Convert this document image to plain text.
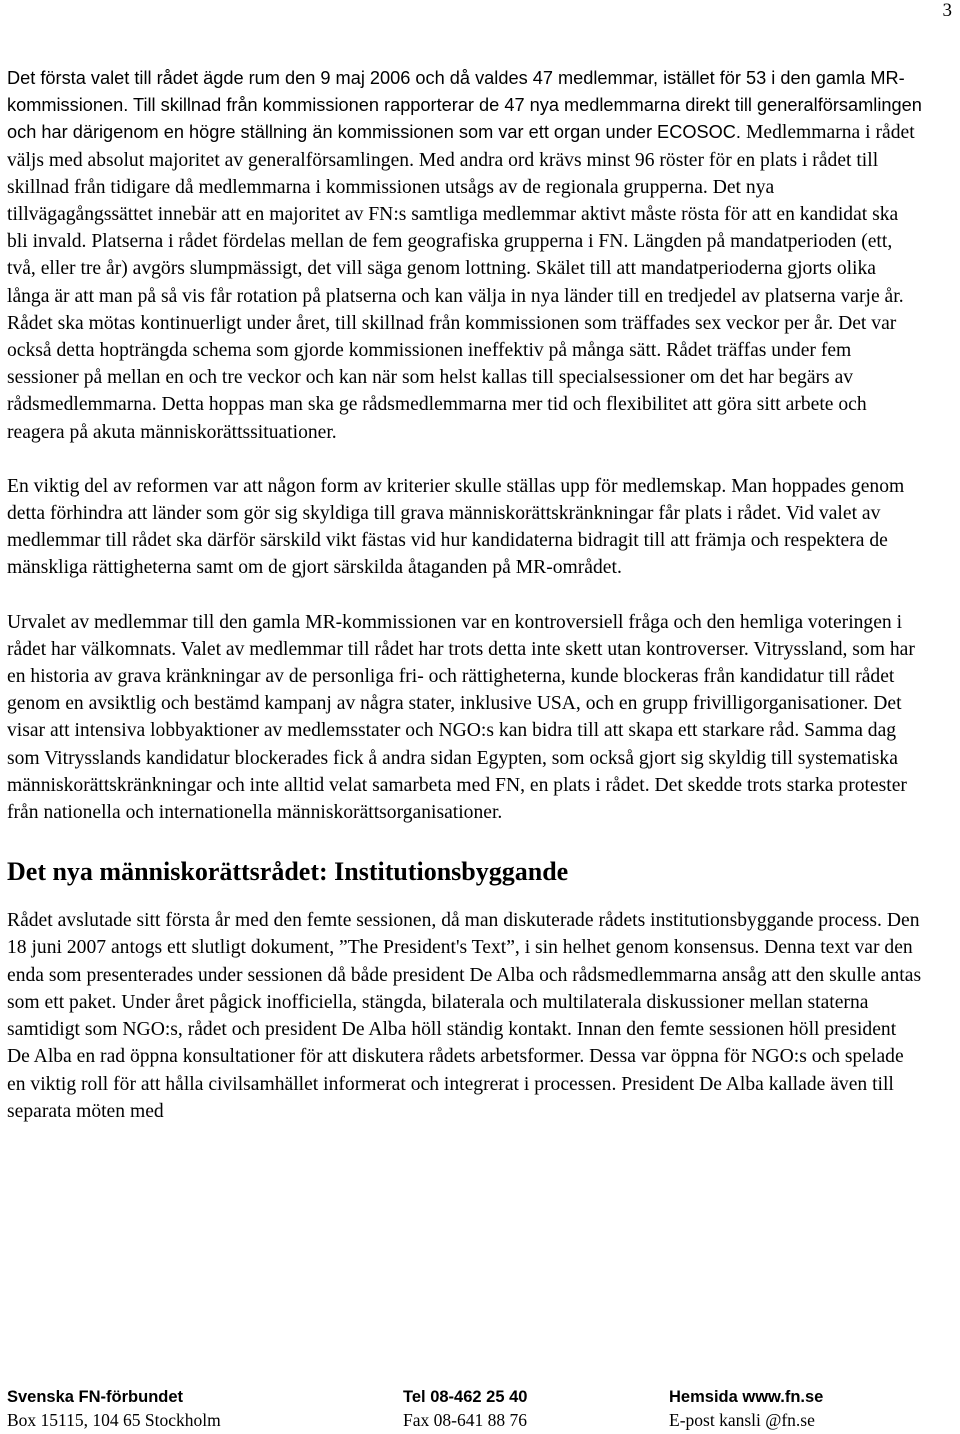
3

Det första valet till rådet ägde rum den 9 maj 2006 och då valdes 47 medlemmar, istället för 53 i den gamla MR-kommissionen. Till skillnad från kommissionen rapporterar de 47 nya medlemmarna direkt till generalförsamlingen och har därigenom en högre ställning än kommissionen som var ett organ under ECOSOC. Medlemmarna i rådet väljs med absolut majoritet av generalförsamlingen. Med andra ord krävs minst 96 röster för en plats i rådet till skillnad från tidigare då medlemmarna i kommissionen utsågs av de regionala grupperna. Det nya tillvägagångssättet innebär att en majoritet av FN:s samtliga medlemmar aktivt måste rösta för att en kandidat ska bli invald. Platserna i rådet fördelas mellan de fem geografiska grupperna i FN. Längden på mandatperioden (ett, två, eller tre år) avgörs slumpmässigt, det vill säga genom lottning. Skälet till att mandatperioderna gjorts olika långa är att man på så vis får rotation på platserna och kan välja in nya länder till en tredjedel av platserna varje år. Rådet ska mötas kontinuerligt under året, till skillnad från kommissionen som träffades sex veckor per år. Det var också detta hopträngda schema som gjorde kommissionen ineffektiv på många sätt. Rådet träffas under fem sessioner på mellan en och tre veckor och kan när som helst kallas till specialsessioner om det har begärs av rådsmedlemmarna. Detta hoppas man ska ge rådsmedlemmarna mer tid och flexibilitet att göra sitt arbete och reagera på akuta människorättssituationer.

En viktig del av reformen var att någon form av kriterier skulle ställas upp för medlemskap. Man hoppades genom detta förhindra att länder som gör sig skyldiga till grava människorättskränkningar får plats i rådet. Vid valet av medlemmar till rådet ska därför särskild vikt fästas vid hur kandidaterna bidragit till att främja och respektera de mänskliga rättigheterna samt om de gjort särskilda åtaganden på MR-området.

Urvalet av medlemmar till den gamla MR-kommissionen var en kontroversiell fråga och den hemliga voteringen i rådet har välkomnats. Valet av medlemmar till rådet har trots detta inte skett utan kontroverser. Vitryssland, som har en historia av grava kränkningar av de personliga fri- och rättigheterna, kunde blockeras från kandidatur till rådet genom en avsiktlig och bestämd kampanj av några stater, inklusive USA, och en grupp frivilligorganisationer. Det visar att intensiva lobbyaktioner av medlemsstater och NGO:s kan bidra till att skapa ett starkare råd. Samma dag som Vitrysslands kandidatur blockerades fick å andra sidan Egypten, som också gjort sig skyldig till systematiska människorättskränkningar och inte alltid velat samarbeta med FN, en plats i rådet. Det skedde trots starka protester från nationella och internationella människorättsorganisationer.

Det nya människorättsrådet: Institutionsbyggande

Rådet avslutade sitt första år med den femte sessionen, då man diskuterade rådets institutionsbyggande process. Den 18 juni 2007 antogs ett slutligt dokument, ”The President's Text”, i sin helhet genom konsensus. Denna text var den enda som presenterades under sessionen då både president De Alba och rådsmedlemmarna ansåg att den skulle antas som ett paket. Under året pågick inofficiella, stängda, bilaterala och multilaterala diskussioner mellan staterna samtidigt som NGO:s, rådet och president De Alba höll ständig kontakt. Innan den femte sessionen höll president De Alba en rad öppna konsultationer för att diskutera rådets arbetsformer. Dessa var öppna för NGO:s och spelade en viktig roll för att hålla civilsamhället informerat och integrerat i processen. President De Alba kallade även till separata möten med

Svenska FN-förbundet
Box 15115, 104 65 Stockholm
Tel 08-462 25 40
Fax 08-641 88 76
Hemsida www.fn.se
E-post kansli @fn.se
